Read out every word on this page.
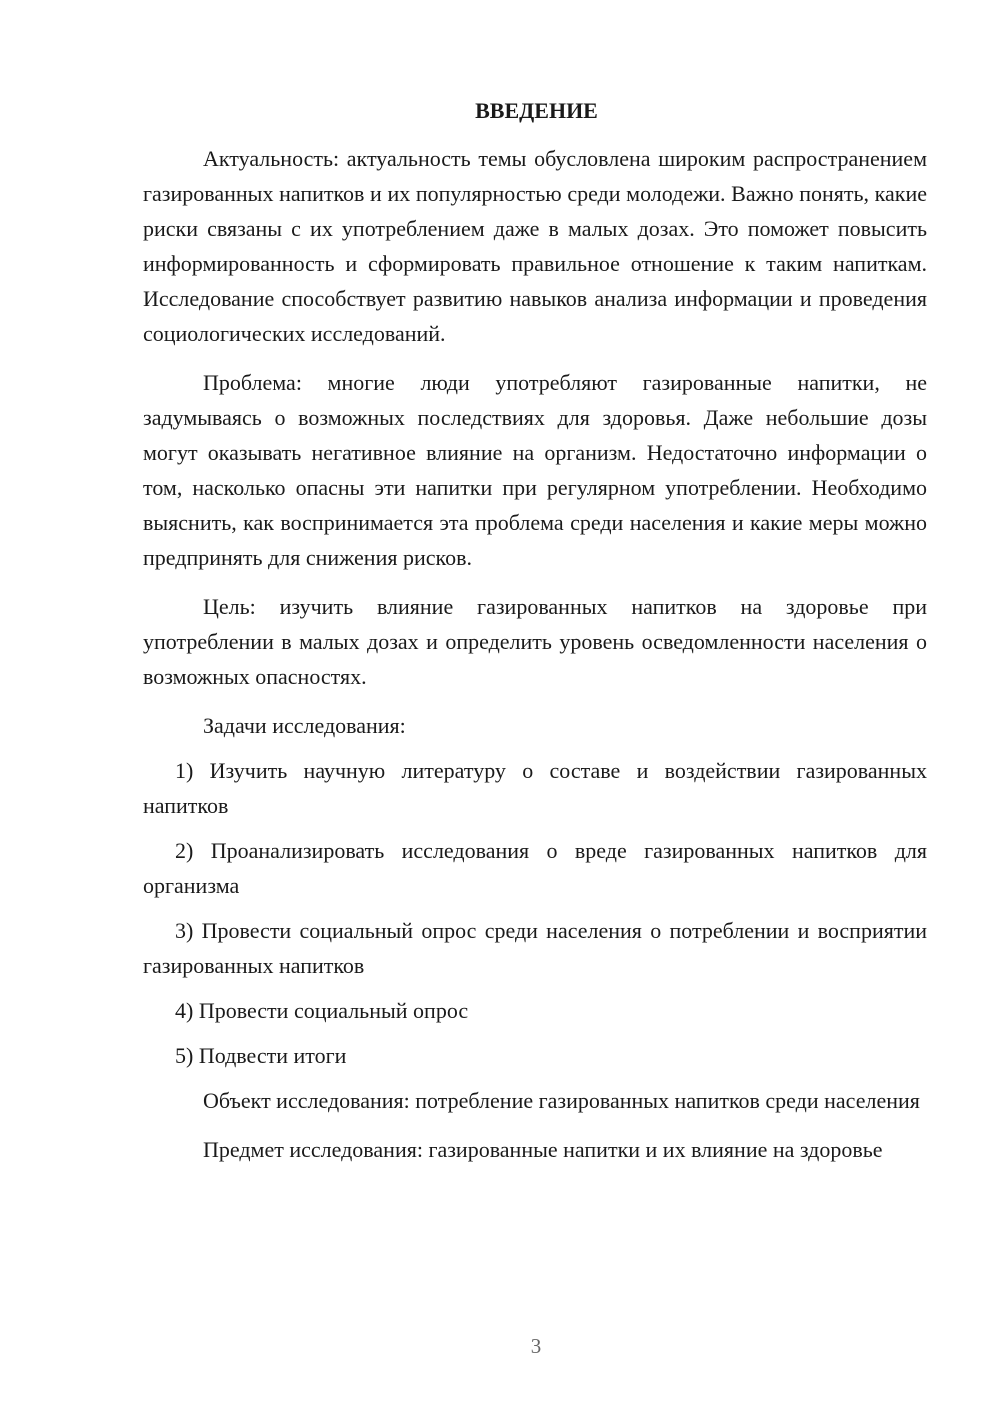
ВВЕДЕНИЕ

Актуальность: актуальность темы обусловлена широким распространением газированных напитков и их популярностью среди молодежи. Важно понять, какие риски связаны с их употреблением даже в малых дозах. Это поможет повысить информированность и сформировать правильное отношение к таким напиткам. Исследование способствует развитию навыков анализа информации и проведения социологических исследований.

Проблема: многие люди употребляют газированные напитки, не задумываясь о возможных последствиях для здоровья. Даже небольшие дозы могут оказывать негативное влияние на организм. Недостаточно информации о том, насколько опасны эти напитки при регулярном употреблении. Необходимо выяснить, как воспринимается эта проблема среди населения и какие меры можно предпринять для снижения рисков.

Цель: изучить влияние газированных напитков на здоровье при употреблении в малых дозах и определить уровень осведомленности населения о возможных опасностях.

Задачи исследования:

1) Изучить научную литературу о составе и воздействии газированных напитков

2) Проанализировать исследования о вреде газированных напитков для организма

3) Провести социальный опрос среди населения о потреблении и восприятии газированных напитков

4) Провести социальный опрос

5) Подвести итоги

Объект исследования: потребление газированных напитков среди населения

Предмет исследования: газированные напитки и их влияние на здоровье

3
